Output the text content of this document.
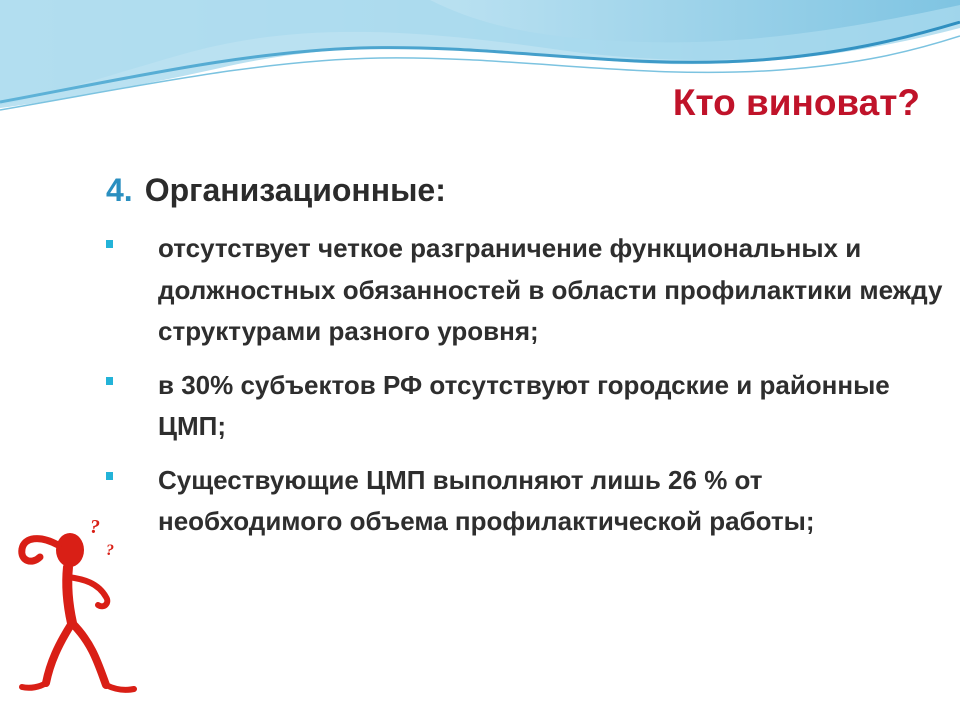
Кто виноват?
4. Организационные:
отсутствует четкое разграничение функциональных и должностных обязанностей в области профилактики между структурами разного уровня;
в 30% субъектов РФ отсутствуют городские и районные ЦМП;
Существующие ЦМП выполняют лишь 26 % от необходимого объема профилактической работы;
?
?
